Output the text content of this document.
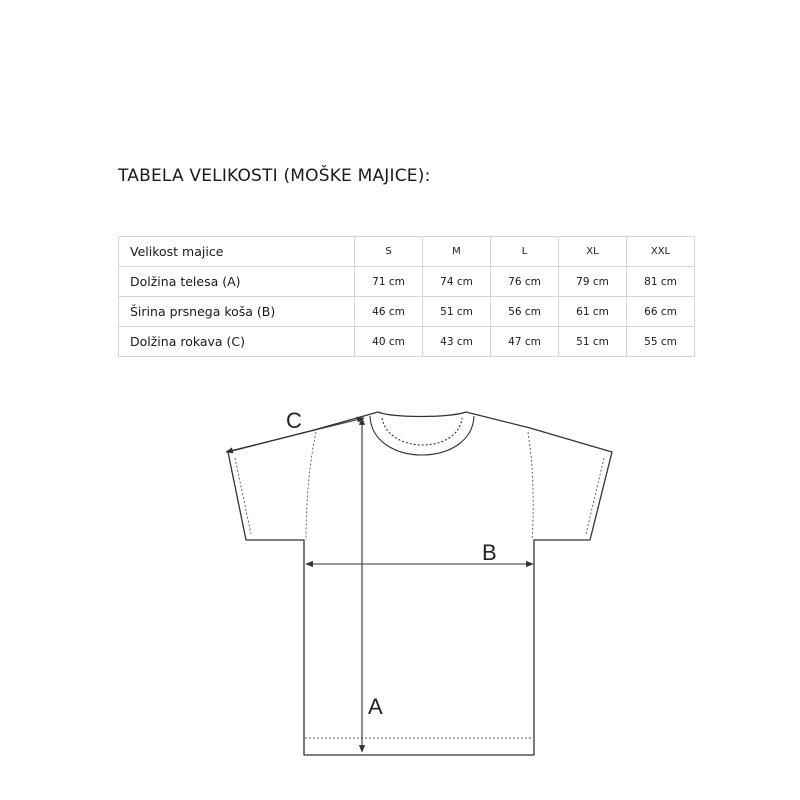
TABELA VELIKOSTI (MOŠKE MAJICE):
Velikost majice	S	M	L	XL	XXL
Dolžina telesa (A)	71 cm	74 cm	76 cm	79 cm	81 cm
Širina prsnega koša (B)	46 cm	51 cm	56 cm	61 cm	66 cm
Dolžina rokava (C)	40 cm	43 cm	47 cm	51 cm	55 cm
A
B
C
